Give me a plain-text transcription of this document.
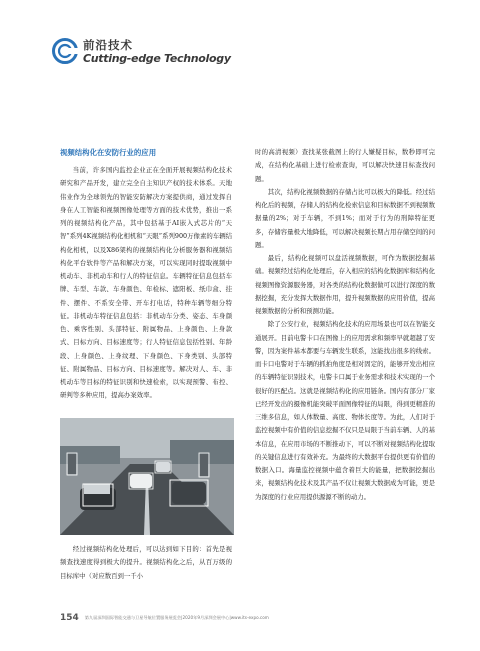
前沿技术
Cutting-edge Technology
视频结构化在安防行业的应用

当前，许多国内监控企业正在全面开展视频结构化技术研究和产品开发，建立完全自主知识产权的技术体系。天地伟业作为全球领先的智能安防解决方案提供商，通过发挥自身在人工智能和视频图像处理等方面的技术优势，推出一系列的视频结构化产品，其中包括基于AI嵌入式芯片的“天智”系列4K视频结构化相机和“天眼”系列900万像素的车辆结构化相机，以及X86架构的视频结构化分析服务器和视频结构化平台软件等产品和解决方案，可以实现同时提取视频中机动车、非机动车和行人的特征信息。车辆特征信息包括车牌、车型、车款、车身颜色、年检标、遮阳板、纸巾盒、挂件、摆件、不系安全带、开车打电话，特种车辆等细分特征。非机动车特征信息包括：非机动车分类、姿态、车身颜色、乘客性别、头部特征、附属物品、上身颜色、上身款式、目标方向、目标速度等；行人特征信息包括性别、年龄段、上身颜色、上身纹理、下身颜色、下身类别、头部特征、附属物品、目标方向、目标速度等。解决对人、车、非机动车等目标的特征识别和快速检索，以实现预警、布控、研判等多种应用，提高办案效率。

经过视频结构化处理后，可以达到如下目的：首先是视频查找速度得到极大的提升。视频结构化之后，从百万级的目标库中（对应数百到一千小

时的高清视频）查找某张截图上的行人嫌疑目标，数秒即可完成，在结构化基础上进行检索查询，可以解决快速目标查找问题。

其次，结构化视频数据的存储占比可以极大的降低。经过结构化后的视频，存储人的结构化检索信息和目标数据不到视频数据量的2%；对于车辆，不到1%；而对于行为的刑障特征更多，存储容量极大地降低，可以解决视频长期占用存储空间的问题。

最后，结构化视频可以盘活视频数据，可作为数据挖掘基础。视频经过结构化处理后，存入相应的结构化数据库和结构化视频图像资源服务器，对各类的结构化数据做可以进行深度的数据挖掘，充分发挥大数据作用，提升视频数据的应用价值，提高视频数据的分析和预测功能。

除了公安行业，视频结构化技术的应用场景也可以在智能交通展开。目前电警卡口在图像上的应用需求和频率早就超越了安警，因为案件基本都要与车辆发生联系，这能找出很多的线索。而卡口电警对于车辆的抓拍角度是相对固定的，能够开发出相应的车辆特征识别技术，电警卡口属于业务需求和技术实现的一个很好的匹配点。这就是视频结构化的应用链条。国内有部分厂家已经开发出的摄像机能突破平面图像特征的局限，得到更精准的三维多信息，如人体数量、高度、物体长度等。为此，人们对于监控视频中有价值的信息挖掘不仅只是局限于当前车辆、人的基本信息，在应用市场的不断推动下，可以不断对视频结构化提取的关键信息进行有效补充。为最终的大数据平台提供更有价值的数据入口。海量监控视频中蕴含着巨大的能量，把数据挖掘出来，视频结构化技术及其产品不仅让视频大数据成为可能，更是为深度的行业应用提供源源不断的动力。

154 第九届深圳国际智能交通与卫星导航位置服务展览会|2020年9月深圳会展中心|www.its-expo.com
